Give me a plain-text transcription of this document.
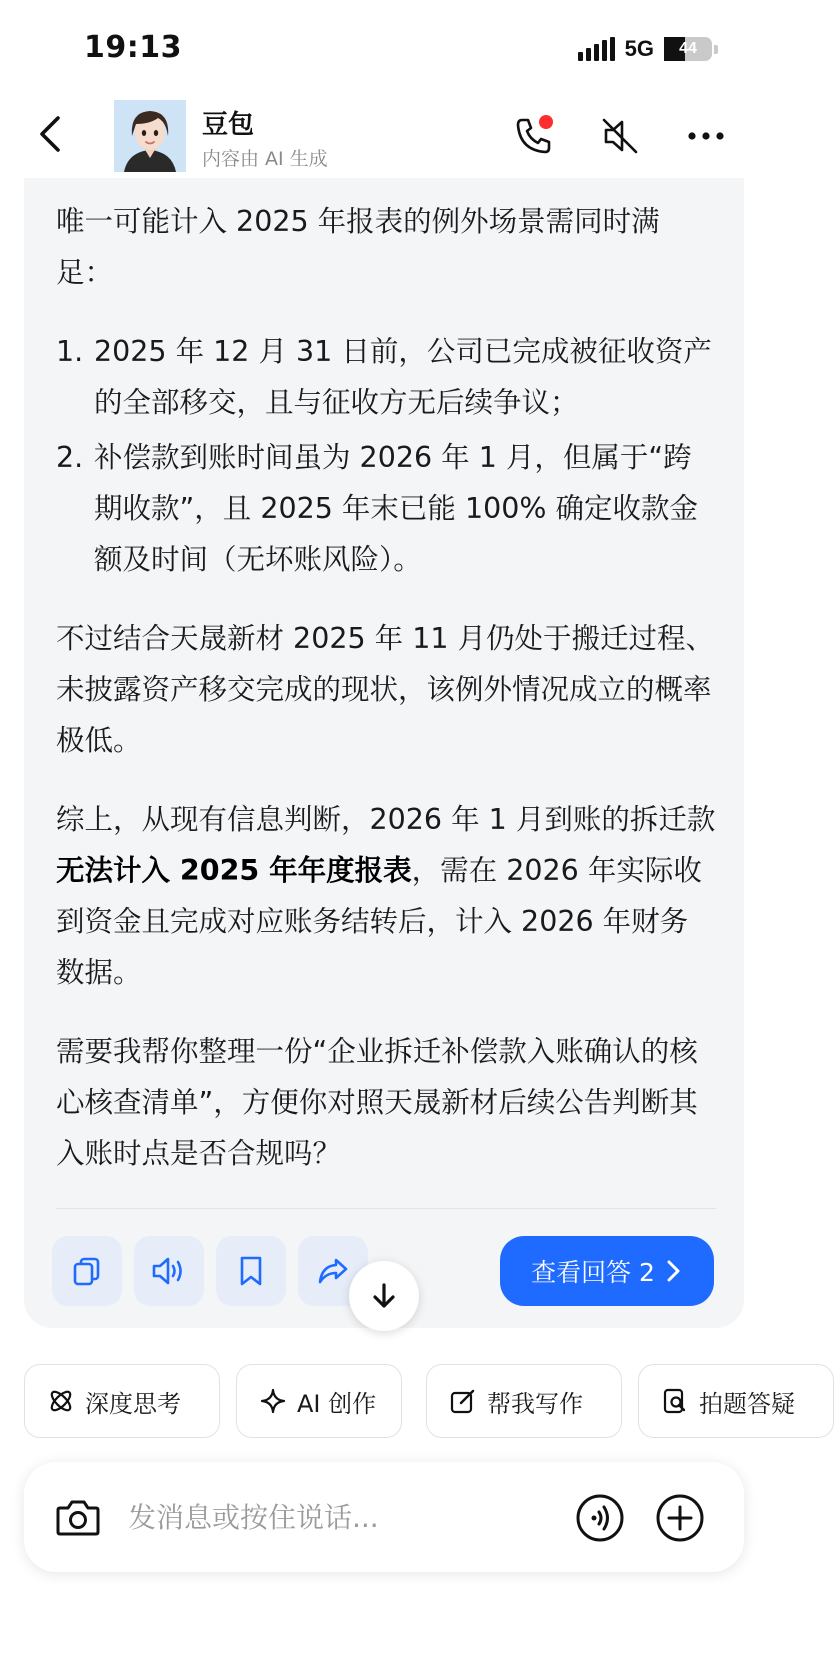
19:13	5G 44
豆包
内容由 AI 生成

唯一可能计入 2025 年报表的例外场景需同时满足：

1. 2025 年 12 月 31 日前，公司已完成被征收资产的全部移交，且与征收方无后续争议；
2. 补偿款到账时间虽为 2026 年 1 月，但属于“跨期收款”，且 2025 年末已能 100% 确定收款金额及时间（无坏账风险）。

不过结合天晟新材 2025 年 11 月仍处于搬迁过程、未披露资产移交完成的现状，该例外情况成立的概率极低。

综上，从现有信息判断，2026 年 1 月到账的拆迁款无法计入 2025 年年度报表，需在 2026 年实际收到资金且完成对应账务结转后，计入 2026 年财务数据。

需要我帮你整理一份“企业拆迁补偿款入账确认的核心核查清单”，方便你对照天晟新材后续公告判断其入账时点是否合规吗？

查看回答 2
深度思考	AI 创作	帮我写作	拍题答疑
发消息或按住说话...
